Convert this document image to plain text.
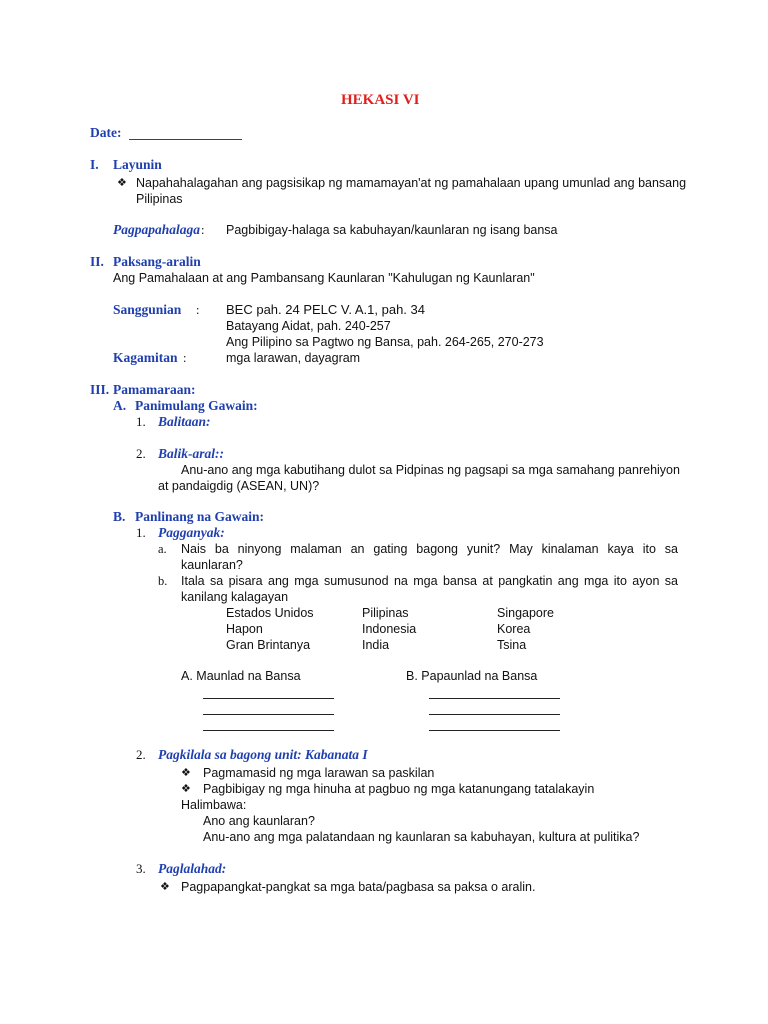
HEKASI VI
Date:
I. Layunin
❖ Napahahalagahan ang pagsisikap ng mamamayan'at ng pamahalaan upang umunlad ang bansang
Pilipinas
Pagpapahalaga : Pagbibigay-halaga sa kabuhayan/kaunlaran ng isang bansa
II. Paksang-aralin
Ang Pamahalaan at ang Pambansang Kaunlaran "Kahulugan ng Kaunlaran"
Sanggunian : BEC pah. 24 PELC V. A.1, pah. 34
Batayang Aidat, pah. 240-257
Ang Pilipino sa Pagtwo ng Bansa, pah. 264-265, 270-273
Kagamitan :	mga larawan, dayagram
III. Pamamaraan:
A. Panimulang Gawain:
1. Balitaan:
2. Balik-aral::
Anu-ano ang mga kabutihang dulot sa Pidpinas ng pagsapi sa mga samahang panrehiyon
at pandaigdig (ASEAN, UN)?
B. Panlinang na Gawain:
1. Pagganyak:
a. Nais ba ninyong malaman an gating bagong yunit? May kinalaman kaya ito sa
kaunlaran?
b. Itala sa pisara ang mga sumusunod na mga bansa at pangkatin ang mga ito ayon sa
kanilang kalagayan
Estados Unidos	Pilipinas	Singapore
Hapon	Indonesia	Korea
Gran Brintanya	India	Tsina
A. Maunlad na Bansa	B. Papaunlad na Bansa
2. Pagkilala sa bagong unit: Kabanata I
❖ Pagmamasid ng mga larawan sa paskilan
❖ Pagbibigay ng mga hinuha at pagbuo ng mga katanungang tatalakayin
Halimbawa:
Ano ang kaunlaran?
Anu-ano ang mga palatandaan ng kaunlaran sa kabuhayan, kultura at pulitika?
3. Paglalahad:
❖ Pagpapangkat-pangkat sa mga bata/pagbasa sa paksa o aralin.
